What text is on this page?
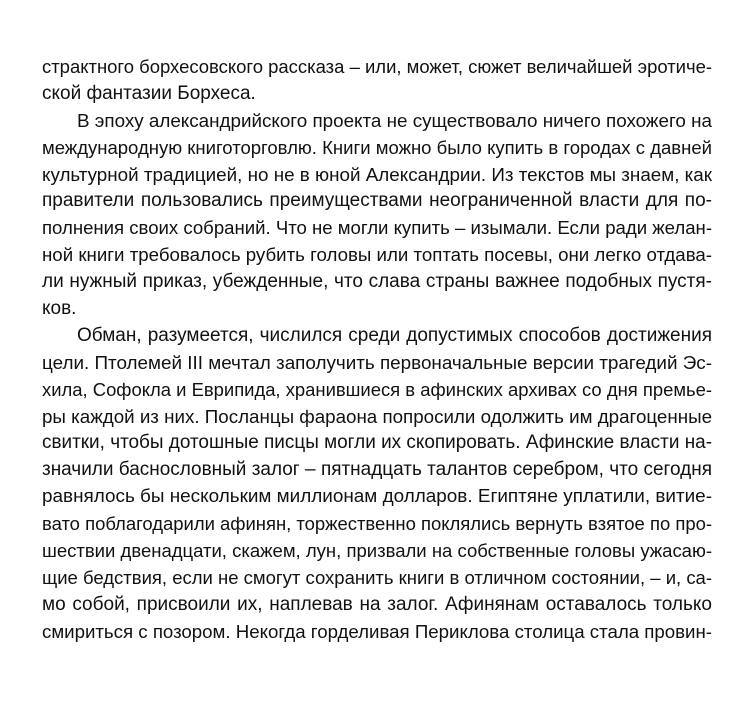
страктного борхесовского рассказа – или, может, сюжет величайшей эротиче-
ской фантазии Борхеса.
В эпоху александрийского проекта не существовало ничего похожего на
международную книготорговлю. Книги можно было купить в городах с давней
культурной традицией, но не в юной Александрии. Из текстов мы знаем, как
правители пользовались преимуществами неограниченной власти для по-
полнения своих собраний. Что не могли купить – изымали. Если ради желан-
ной книги требовалось рубить головы или топтать посевы, они легко отдава-
ли нужный приказ, убежденные, что слава страны важнее подобных пустя-
ков.
Обман, разумеется, числился среди допустимых способов достижения
цели. Птолемей III мечтал заполучить первоначальные версии трагедий Эс-
хила, Софокла и Еврипида, хранившиеся в афинских архивах со дня премье-
ры каждой из них. Посланцы фараона попросили одолжить им драгоценные
свитки, чтобы дотошные писцы могли их скопировать. Афинские власти на-
значили баснословный залог – пятнадцать талантов серебром, что сегодня
равнялось бы нескольким миллионам долларов. Египтяне уплатили, витие-
вато поблагодарили афинян, торжественно поклялись вернуть взятое по про-
шествии двенадцати, скажем, лун, призвали на собственные головы ужасаю-
щие бедствия, если не смогут сохранить книги в отличном состоянии, – и, са-
мо собой, присвоили их, наплевав на залог. Афинянам оставалось только
смириться с позором. Некогда горделивая Периклова столица стала провин-
